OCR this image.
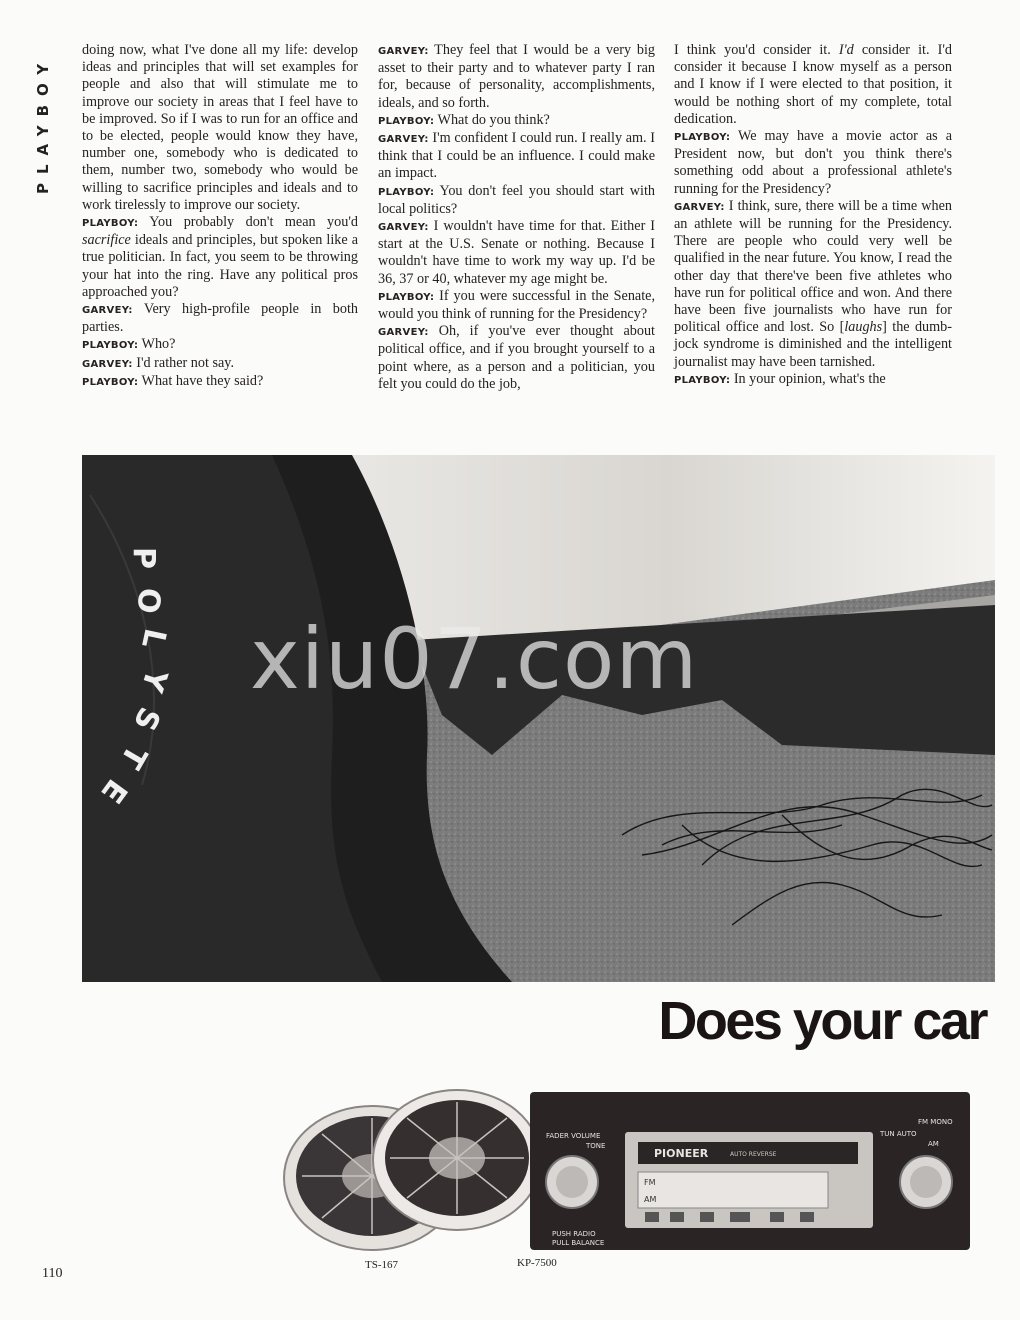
PLAYBOY

doing now, what I've done all my life: develop ideas and principles that will set examples for people and also that will stimulate me to improve our society in areas that I feel have to be improved. So if I was to run for an office and to be elected, people would know they have, number one, somebody who is dedicated to them, number two, somebody who would be willing to sacrifice principles and ideals and to work tirelessly to improve our society.

PLAYBOY: You probably don't mean you'd sacrifice ideals and principles, but spoken like a true politician. In fact, you seem to be throwing your hat into the ring. Have any political pros approached you?

GARVEY: Very high-profile people in both parties.

PLAYBOY: Who?

GARVEY: I'd rather not say.

PLAYBOY: What have they said?

GARVEY: They feel that I would be a very big asset to their party and to whatever party I ran for, because of personality, accomplishments, ideals, and so forth.

PLAYBOY: What do you think?

GARVEY: I'm confident I could run. I really am. I think that I could be an influence. I could make an impact.

PLAYBOY: You don't feel you should start with local politics?

GARVEY: I wouldn't have time for that. Either I start at the U.S. Senate or nothing. Because I wouldn't have time to work my way up. I'd be 36, 37 or 40, whatever my age might be.

PLAYBOY: If you were successful in the Senate, would you think of running for the Presidency?

GARVEY: Oh, if you've ever thought about political office, and if you brought yourself to a point where, as a person and a politician, you felt you could do the job,

I think you'd consider it. I'd consider it. I'd consider it because I know myself as a person and I know if I were elected to that position, it would be nothing short of my complete, total dedication.

PLAYBOY: We may have a movie actor as a President now, but don't you think there's something odd about a professional athlete's running for the Presidency?

GARVEY: I think, sure, there will be a time when an athlete will be running for the Presidency. There are people who could very well be qualified in the near future. You know, I read the other day that there've been five athletes who have run for political office and won. And there have been five journalists who have run for political office and lost. So [laughs] the dumb-jock syndrome is diminished and the intelligent journalist may have been tarnished.

PLAYBOY: In your opinion, what's the

P
O
L
Y
S
T
E
Does your car
FADER VOLUME
TONE
FM MONO
TUN AUTO
AM
PUSH RADIO
PULL BALANCE
PIONEER	AUTO REVERSE
FM
AM
TS-167	KP-7500
110
xiu07.com
